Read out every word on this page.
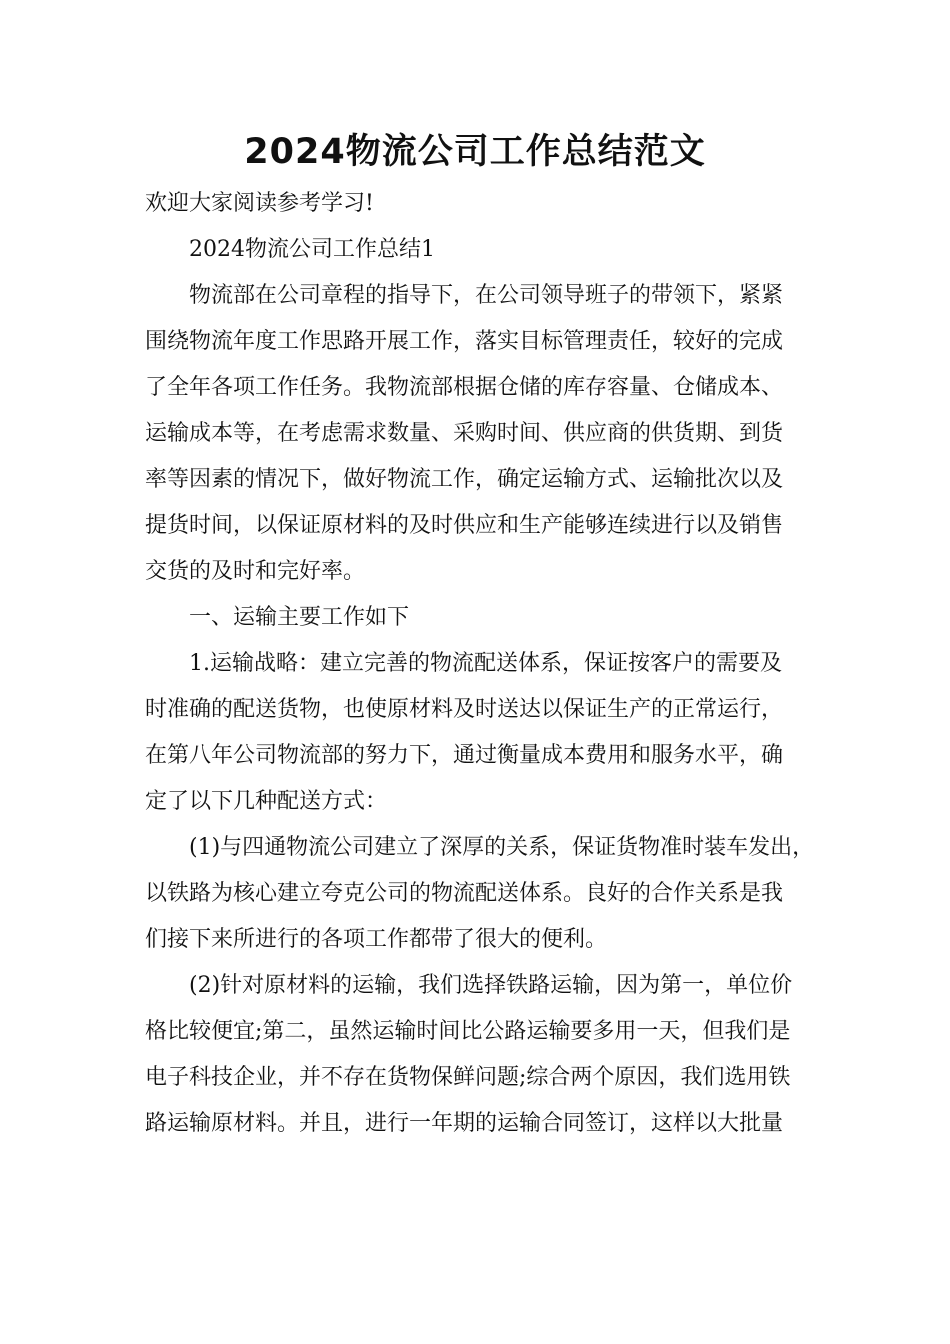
2024物流公司工作总结范文
欢迎大家阅读参考学习!
2024物流公司工作总结1

物流部在公司章程的指导下，在公司领导班子的带领下，紧紧
围绕物流年度工作思路开展工作，落实目标管理责任，较好的完成
了全年各项工作任务。我物流部根据仓储的库存容量、仓储成本、
运输成本等，在考虑需求数量、采购时间、供应商的供货期、到货
率等因素的情况下，做好物流工作，确定运输方式、运输批次以及
提货时间，以保证原材料的及时供应和生产能够连续进行以及销售
交货的及时和完好率。

一、运输主要工作如下

1.运输战略：建立完善的物流配送体系，保证按客户的需要及
时准确的配送货物，也使原材料及时送达以保证生产的正常运行，
在第八年公司物流部的努力下，通过衡量成本费用和服务水平，确
定了以下几种配送方式：

(1)与四通物流公司建立了深厚的关系，保证货物准时装车发出，
以铁路为核心建立夸克公司的物流配送体系。良好的合作关系是我
们接下来所进行的各项工作都带了很大的便利。

(2)针对原材料的运输，我们选择铁路运输，因为第一，单位价
格比较便宜;第二，虽然运输时间比公路运输要多用一天，但我们是
电子科技企业，并不存在货物保鲜问题;综合两个原因，我们选用铁
路运输原材料。并且，进行一年期的运输合同签订，这样以大批量
